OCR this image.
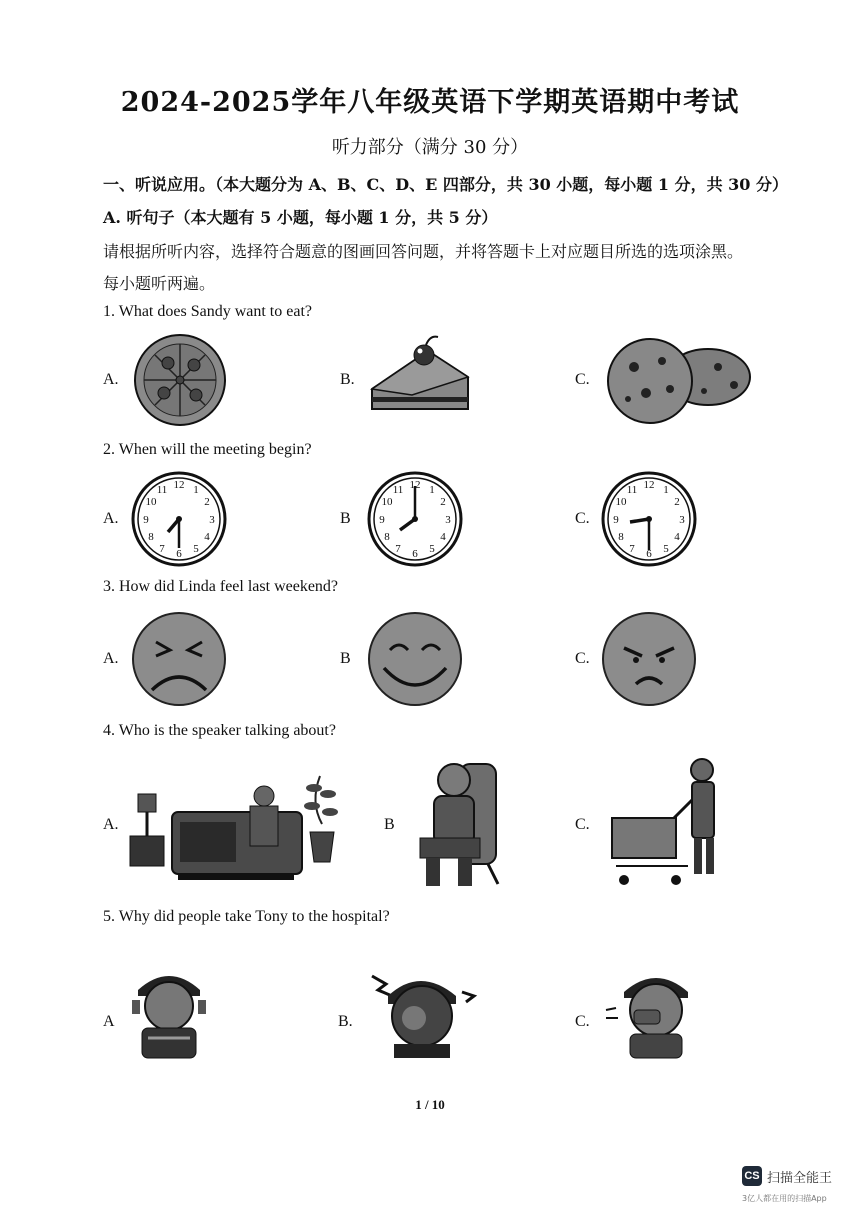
2024-2025学年八年级英语下学期英语期中考试
听力部分（满分 30 分）
一、听说应用。（本大题分为 A、B、C、D、E 四部分，共 30 小题，每小题 1 分，共 30 分）
A. 听句子（本大题有 5 小题，每小题 1 分，共 5 分）
请根据所听内容，选择符合题意的图画回答问题，并将答题卡上对应题目所选的选项涂黑。
每小题听两遍。
1. What does Sandy want to eat?
A.	B.	C.
2. When will the meeting begin?
A.	B	C.
12 1
2
3
4
5
6
7
8
9
10
11	12 1
2
3
4
5
6
7
8
9
10
11	12 1
2
3
4
5
6
7
8
9
10
11
3. How did Linda feel last weekend?
A.	B	C.
4. Who is the speaker talking about?
A.	B	C.
5. Why did people take Tony to the hospital?
A	B.	C.
1 / 10
CS 扫描全能王
3亿人都在用的扫描App
